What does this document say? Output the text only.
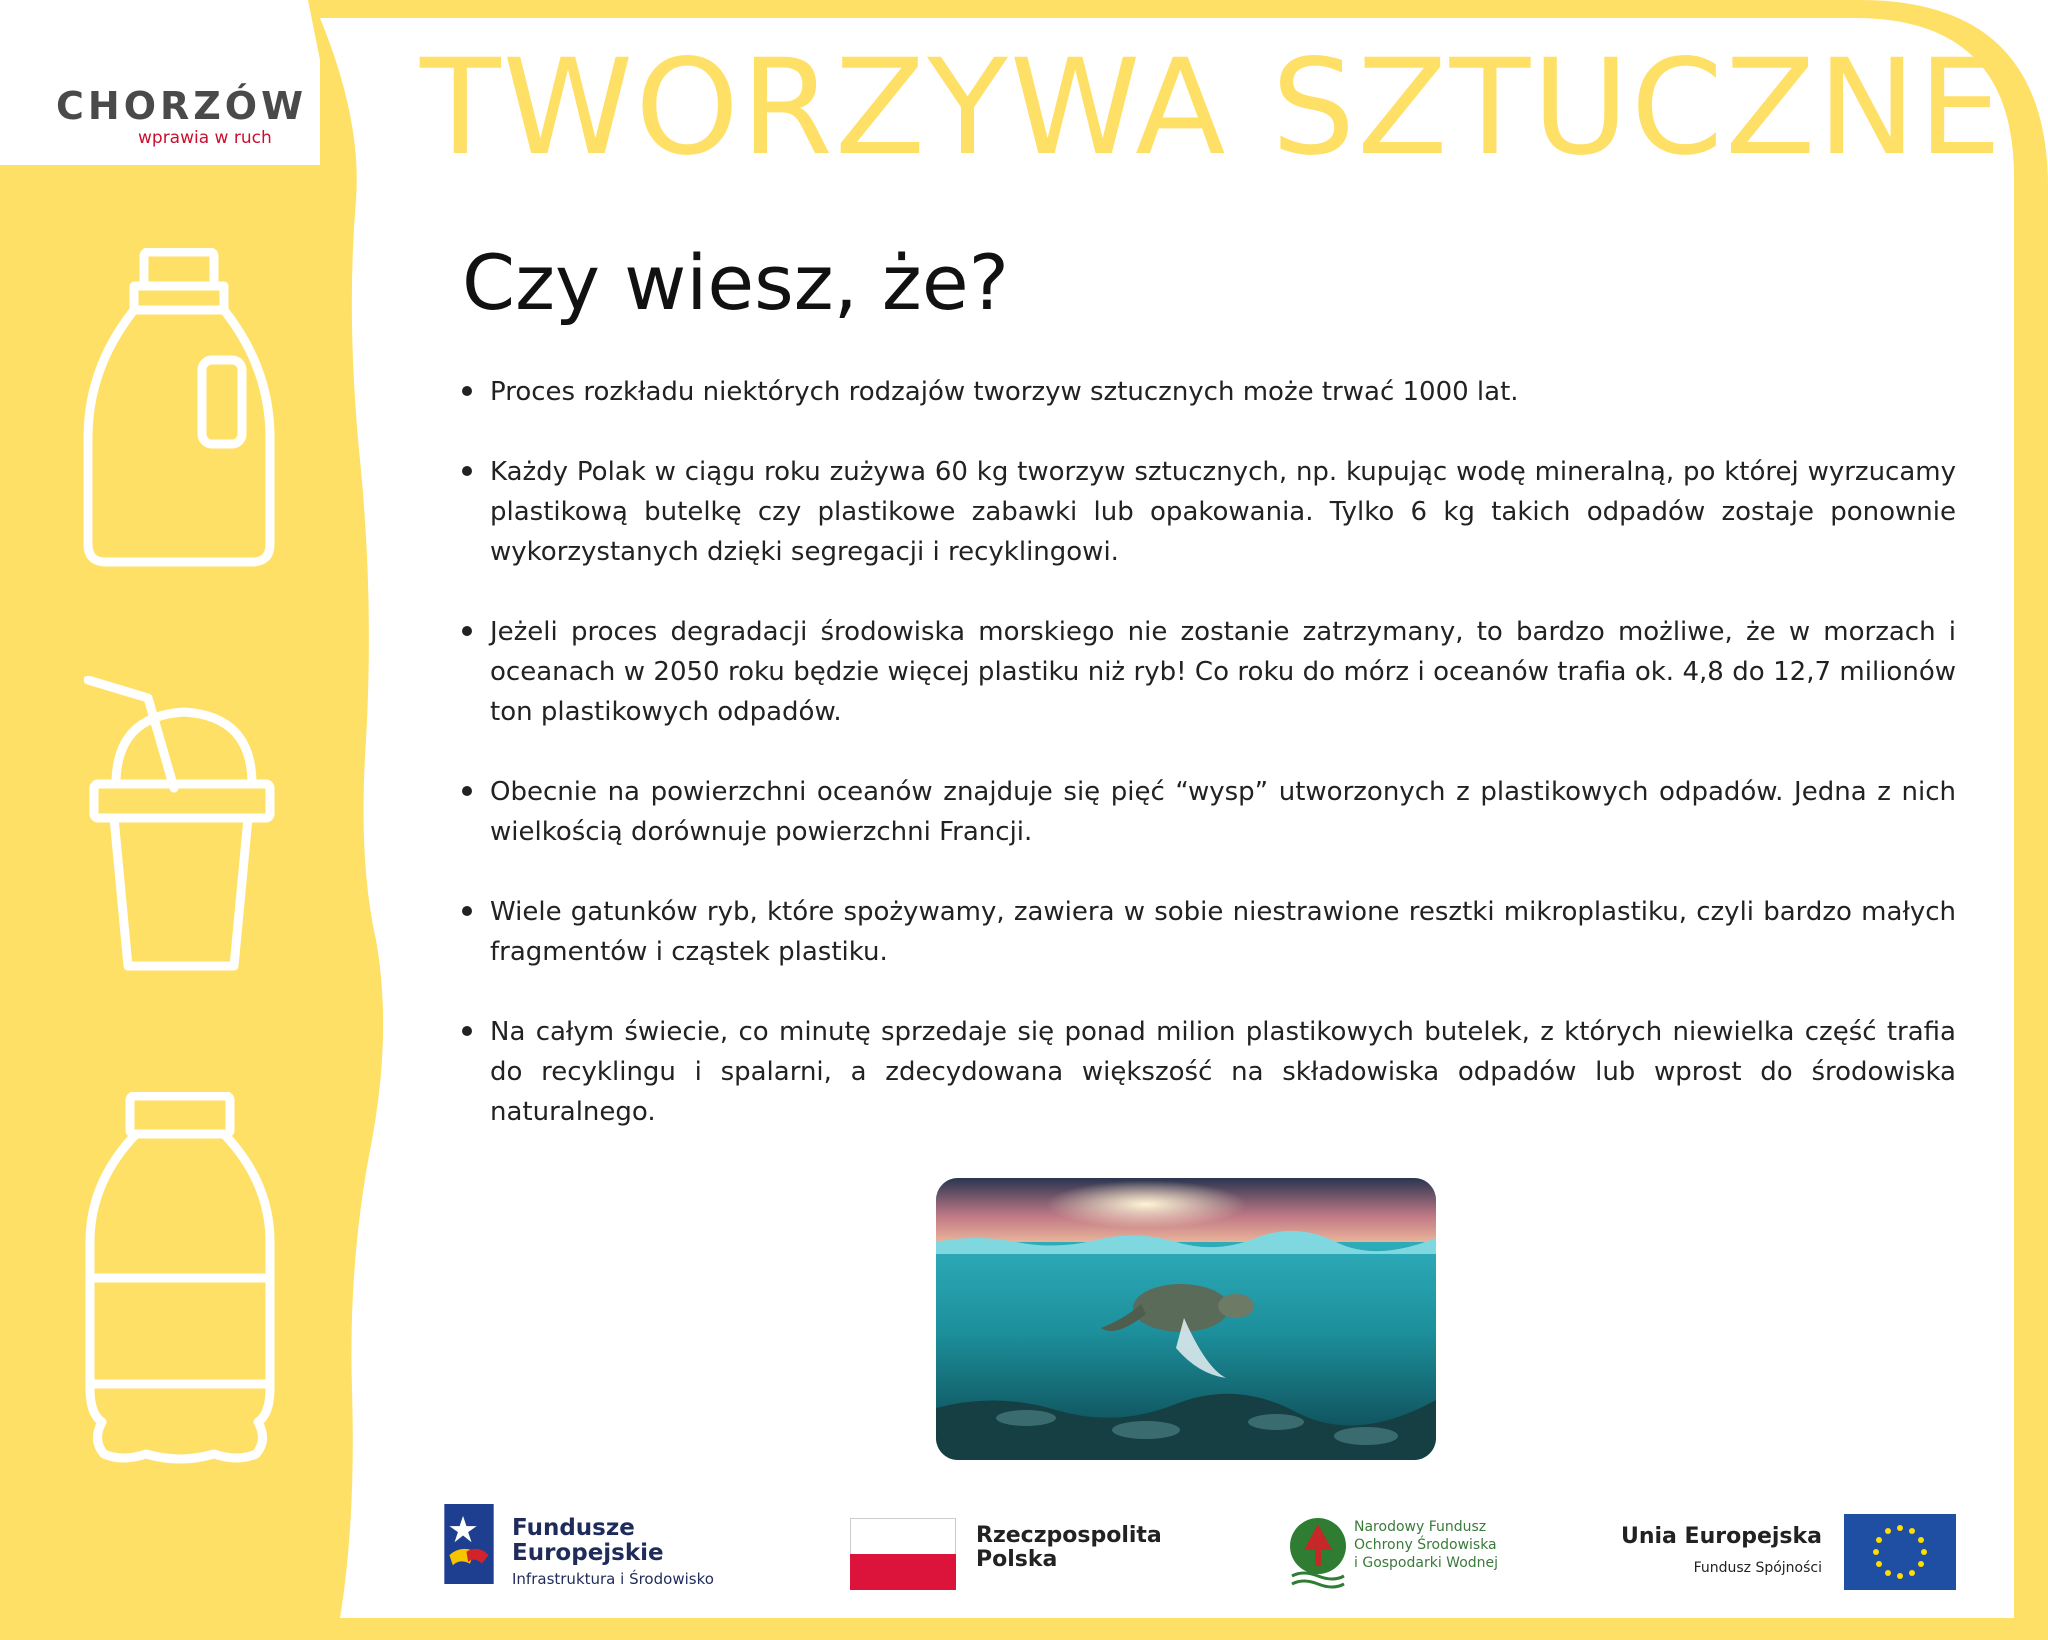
CHORZÓW
wprawia w ruch TWORZYWA SZTUCZNE
Czy wiesz, że?
Proces rozkładu niektórych rodzajów tworzyw sztucznych może trwać 1000 lat.
Każdy Polak w ciągu roku zużywa 60 kg tworzyw sztucznych, np. kupując wodę mineralną, po której wyrzucamy plastikową butelkę czy plastikowe zabawki lub opakowania. Tylko 6 kg takich odpadów zostaje ponownie wykorzystanych dzięki segregacji i recyklingowi.
Jeżeli proces degradacji środowiska morskiego nie zostanie zatrzymany, to bardzo możliwe, że w morzach i oceanach w 2050 roku będzie więcej plastiku niż ryb! Co roku do mórz i oceanów trafia ok. 4,8 do 12,7 milionów ton plastikowych odpadów.
Obecnie na powierzchni oceanów znajduje się pięć “wysp” utworzonych z plastikowych odpadów. Jedna z nich wielkością dorównuje powierzchni Francji.
Wiele gatunków ryb, które spożywamy, zawiera w sobie niestrawione resztki mikroplastiku, czyli bardzo małych fragmentów i cząstek plastiku.
Na całym świecie, co minutę sprzedaje się ponad milion plastikowych butelek, z których niewielka część trafia do recyklingu i spalarni, a zdecydowana większość na składowiska odpadów lub wprost do środowiska naturalnego.
Fundusze
Europejskie
Infrastruktura i Środowisko
Rzeczpospolita
Polska
Narodowy Fundusz
Ochrony Środowiska
i Gospodarki Wodnej
Unia Europejska
Fundusz Spójności
